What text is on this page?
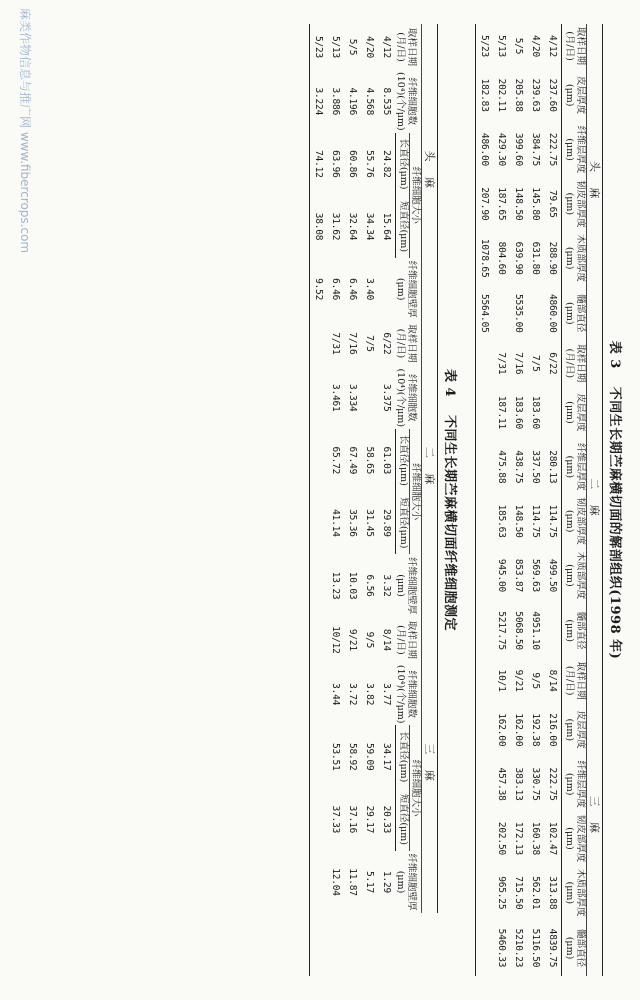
表 3不同生长期苎麻横切面的解剖组织(1998 年)
头 麻						二 麻						三 麻					
取样日期(月/日)	皮层厚度(μm)	纤维层厚度(μm)	韧皮部厚度(μm)	木质部厚度(μm)	髓部直径(μm)	取样日期(月/日)	皮层厚度(μm)	纤维层厚度(μm)	韧皮部厚度(μm)	木质部厚度(μm)	髓部直径(μm)	取样日期(月/日)	皮层厚度(μm)	纤维层厚度(μm)	韧皮部厚度(μm)	木质部厚度(μm)	髓部直径(μm)
4/12	237.60	222.75	79.65	288.90	4860.00	6/22		280.13	114.75	499.50		8/14	216.00	222.75	102.47	313.88	4839.75
4/20	239.63	384.75	145.80	631.80		7/5	183.60	337.50	114.75	569.63	4951.10	9/5	192.38	330.75	160.38	562.01	5116.50
5/5	205.88	399.60	148.50	639.90	5535.00	7/16	183.60	438.75	148.50	853.87	5068.50	9/21	162.00	383.13	172.13	715.50	5210.23
5/13	202.11	429.30	187.65	804.60		7/31	187.11	475.88	185.63	945.00	5217.75	10/1	162.00	457.38	202.50	965.25	5460.33
5/23	182.83	486.00	207.90	1078.65	5564.05												
表 4不同生长期苎麻横切面纤维细胞测定
头 麻					二 麻					三 麻					
取样日期(月/日)	纤维细胞数(10⁴)(个/μm)	纤维细胞大小		纤维细胞壁厚(μm)	取样日期(月/日)	纤维细胞数(10⁴)(个/μm)	纤维细胞大小		纤维细胞壁厚(μm)	取样日期(月/日)	纤维细胞数(10⁴)(个/μm)	纤维细胞大小		纤维细胞壁厚(μm)	
		长直径(μm)	短直径(μm)				长直径(μm)	短直径(μm)				长直径(μm)	短直径(μm)		
4/12	8.535	24.82	15.64		6/22	3.375	61.03	29.89	3.32	8/14	3.77	34.17	20.33	1.29	
4/20	4.568	55.76	34.34	3.40	7/5		58.65	31.45	6.56	9/5	3.82	59.09	29.17	5.17	
5/5	4.196	60.86	32.64	6.46	7/16	3.334	67.49	35.36	10.03	9/21	3.72	58.92	37.16	11.87	
5/13	3.886	63.96	31.62	6.46	7/31	3.461	65.72	41.14	13.23	10/12	3.44	53.51	37.33	12.04	
5/23	3.224	74.12	38.08	9.52											
麻类作物信息与推广网 www.fibercrops.com
